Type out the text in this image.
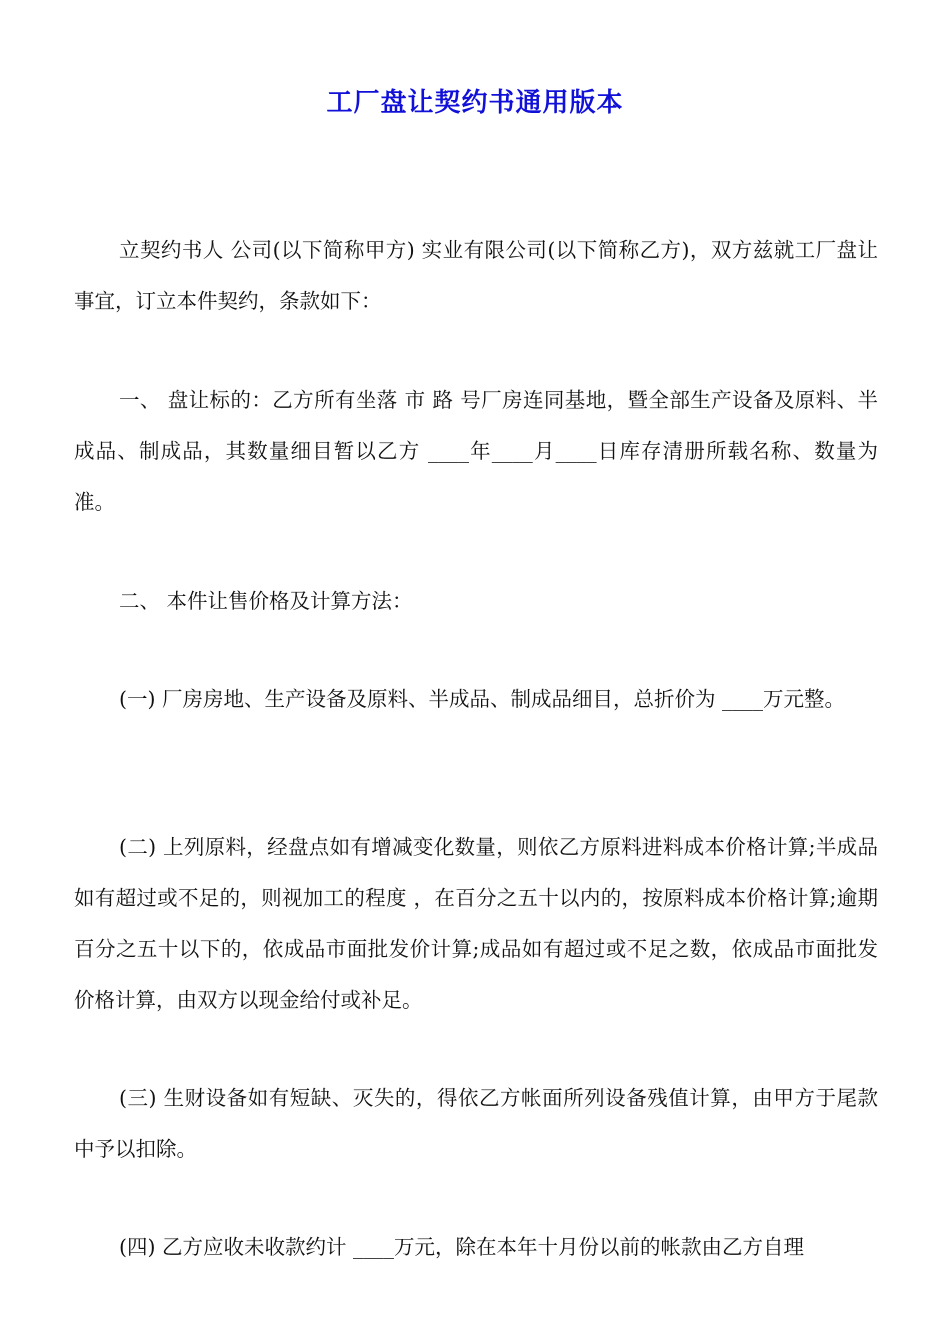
工厂盘让契约书通用版本

立契约书人 公司(以下简称甲方) 实业有限公司(以下简称乙方)，双方兹就工厂盘让事宜，订立本件契约，条款如下：

一、 盘让标的：乙方所有坐落 市 路 号厂房连同基地，暨全部生产设备及原料、半成品、制成品，其数量细目暂以乙方 ____年____月____日库存清册所载名称、数量为准。

二、 本件让售价格及计算方法：

(一) 厂房房地、生产设备及原料、半成品、制成品细目，总折价为 ____万元整。

(二) 上列原料，经盘点如有增减变化数量，则依乙方原料进料成本价格计算;半成品如有超过或不足的，则视加工的程度 ，在百分之五十以内的，按原料成本价格计算;逾期百分之五十以下的，依成品市面批发价计算;成品如有超过或不足之数，依成品市面批发价格计算，由双方以现金给付或补足。

(三) 生财设备如有短缺、灭失的，得依乙方帐面所列设备残值计算，由甲方于尾款中予以扣除。

(四) 乙方应收未收款约计 ____万元，除在本年十月份以前的帐款由乙方自理
